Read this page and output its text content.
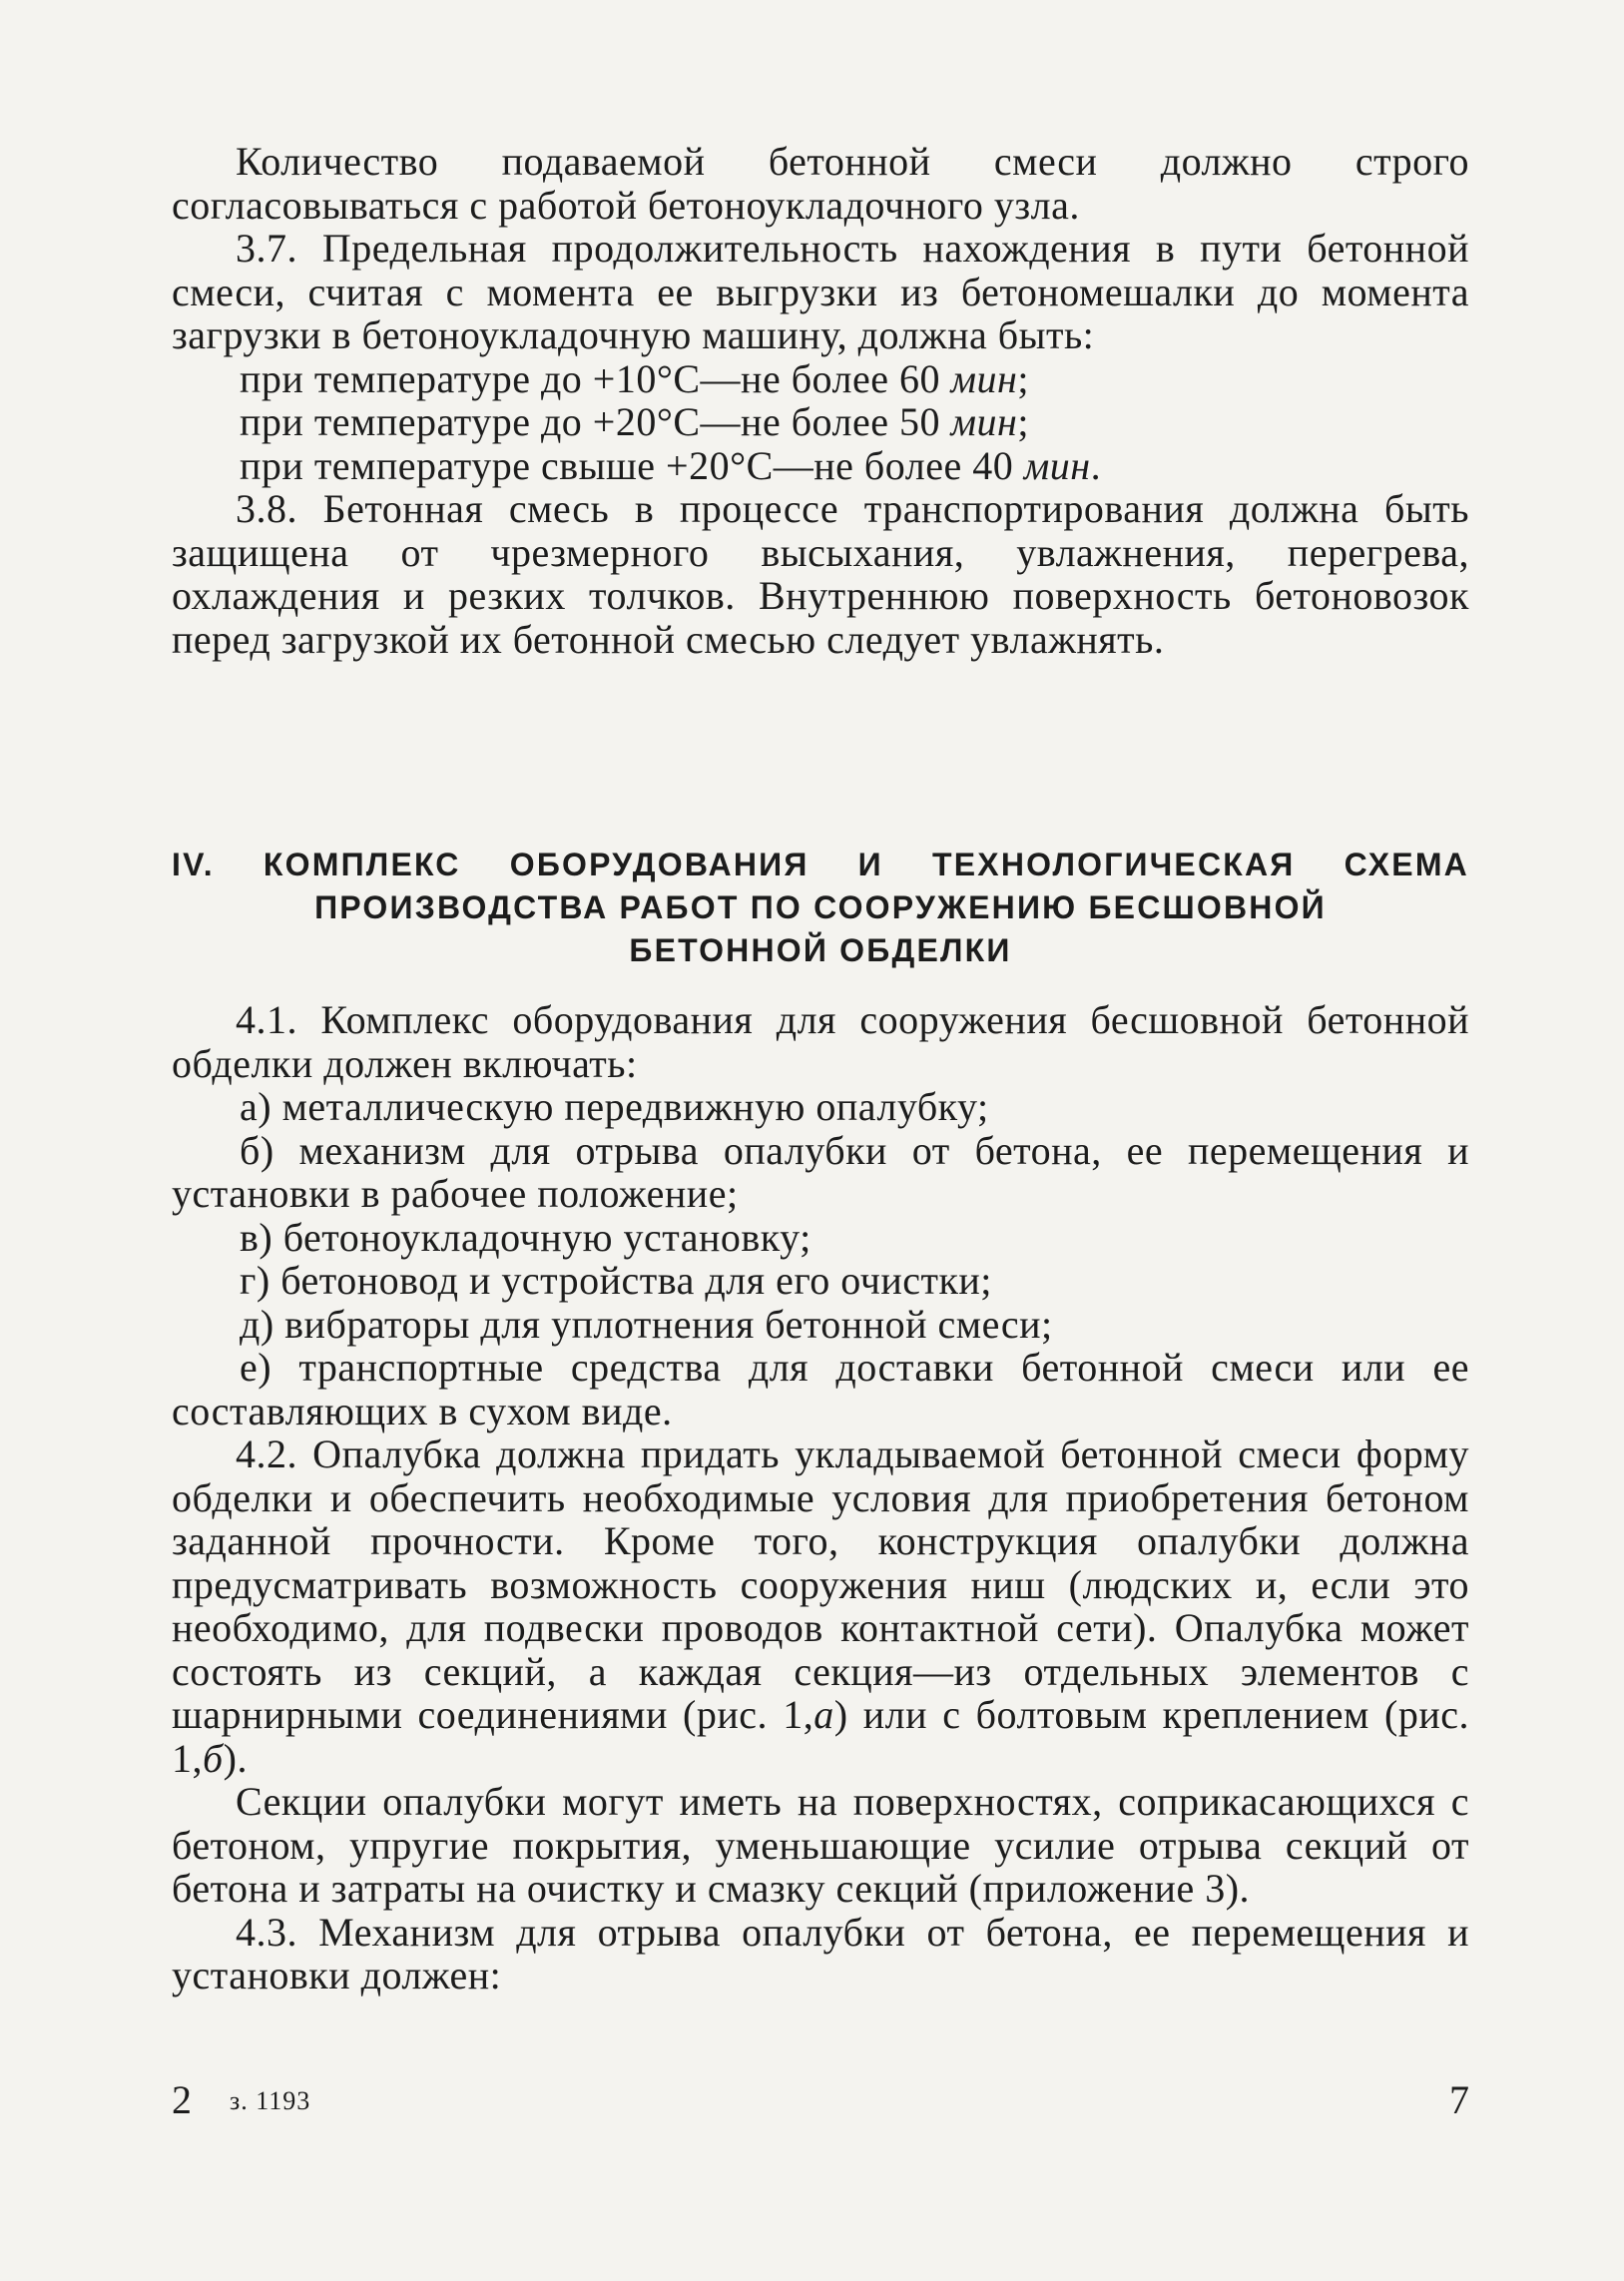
Количество подаваемой бетонной смеси должно строго согласовываться с работой бетоноукладочного узла.

3.7. Предельная продолжительность нахождения в пути бетонной смеси, считая с момента ее выгрузки из бетономешалки до момента загрузки в бетоноукладочную машину, должна быть:

при температуре до +10°С—не более 60 мин;

при температуре до +20°С—не более 50 мин;

при температуре свыше +20°С—не более 40 мин.

3.8. Бетонная смесь в процессе транспортирования должна быть защищена от чрезмерного высыхания, увлажнения, перегрева, охлаждения и резких толчков. Внутреннюю поверхность бетоновозок перед загрузкой их бетонной смесью следует увлажнять.

IV. КОМПЛЕКС ОБОРУДОВАНИЯ И ТЕХНОЛОГИЧЕСКАЯ СХЕМА
ПРОИЗВОДСТВА РАБОТ ПО СООРУЖЕНИЮ БЕСШОВНОЙ
БЕТОННОЙ ОБДЕЛКИ

4.1. Комплекс оборудования для сооружения бесшовной бетонной обделки должен включать:

а) металлическую передвижную опалубку;

б) механизм для отрыва опалубки от бетона, ее перемещения и установки в рабочее положение;

в) бетоноукладочную установку;

г) бетоновод и устройства для его очистки;

д) вибраторы для уплотнения бетонной смеси;

е) транспортные средства для доставки бетонной смеси или ее составляющих в сухом виде.

4.2. Опалубка должна придать укладываемой бетонной смеси форму обделки и обеспечить необходимые условия для приобретения бетоном заданной прочности. Кроме того, конструкция опалубки должна предусматривать возможность сооружения ниш (людских и, если это необходимо, для подвески проводов контактной сети). Опалубка может состоять из секций, а каждая секция—из отдельных элементов с шарнирными соединениями (рис. 1,а) или с болтовым креплением (рис. 1,б).

Секции опалубки могут иметь на поверхностях, соприкасающихся с бетоном, упругие покрытия, уменьшающие усилие отрыва секций от бетона и затраты на очистку и смазку секций (приложение 3).

4.3. Механизм для отрыва опалубки от бетона, ее перемещения и установки должен:

2 з. 1193	7
